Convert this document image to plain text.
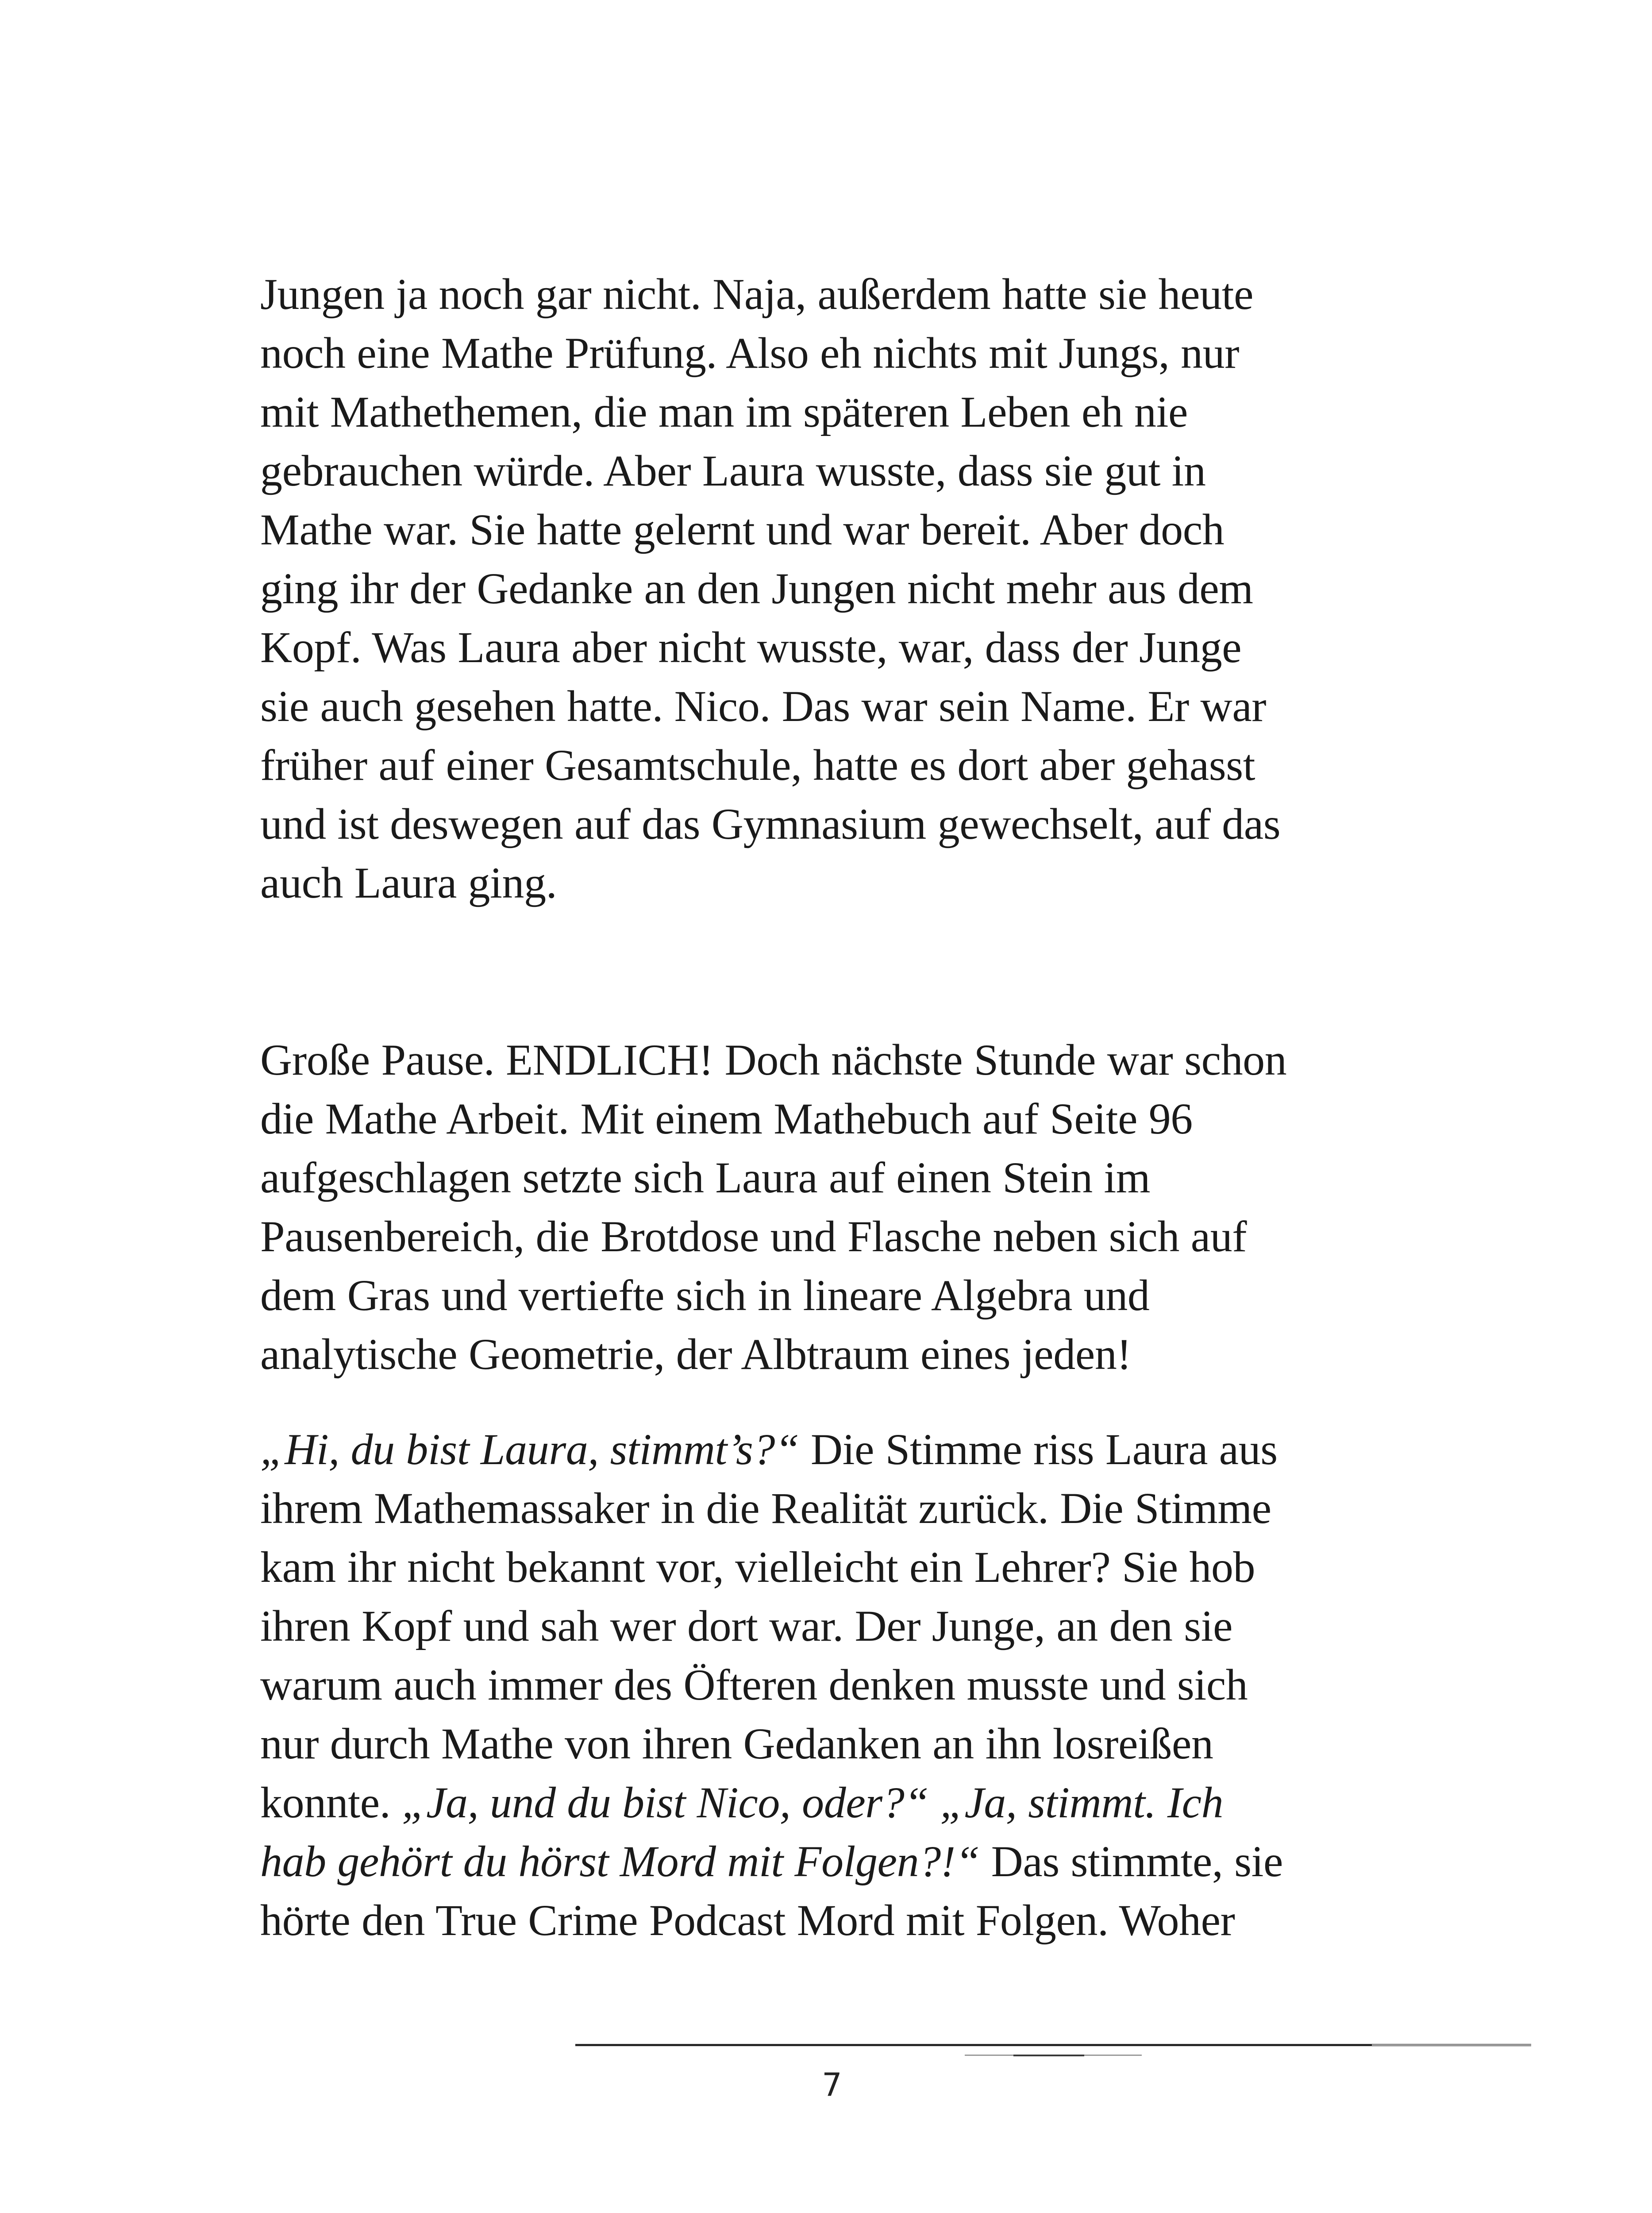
Jungen ja noch gar nicht. Naja, außerdem hatte sie heute
noch eine Mathe Prüfung. Also eh nichts mit Jungs, nur
mit Mathethemen, die man im späteren Leben eh nie
gebrauchen würde. Aber Laura wusste, dass sie gut in
Mathe war. Sie hatte gelernt und war bereit. Aber doch
ging ihr der Gedanke an den Jungen nicht mehr aus dem
Kopf. Was Laura aber nicht wusste, war, dass der Junge
sie auch gesehen hatte. Nico. Das war sein Name. Er war
früher auf einer Gesamtschule, hatte es dort aber gehasst
und ist deswegen auf das Gymnasium gewechselt, auf das
auch Laura ging.
Große Pause. ENDLICH! Doch nächste Stunde war schon
die Mathe Arbeit. Mit einem Mathebuch auf Seite 96
aufgeschlagen setzte sich Laura auf einen Stein im
Pausenbereich, die Brotdose und Flasche neben sich auf
dem Gras und vertiefte sich in lineare Algebra und
analytische Geometrie, der Albtraum eines jeden!
„Hi, du bist Laura, stimmt’s?“ Die Stimme riss Laura aus
ihrem Mathemassaker in die Realität zurück. Die Stimme
kam ihr nicht bekannt vor, vielleicht ein Lehrer? Sie hob
ihren Kopf und sah wer dort war. Der Junge, an den sie
warum auch immer des Öfteren denken musste und sich
nur durch Mathe von ihren Gedanken an ihn losreißen
konnte. „Ja, und du bist Nico, oder?“ „Ja, stimmt. Ich
hab gehört du hörst Mord mit Folgen?!“ Das stimmte, sie
hörte den True Crime Podcast Mord mit Folgen. Woher
7
